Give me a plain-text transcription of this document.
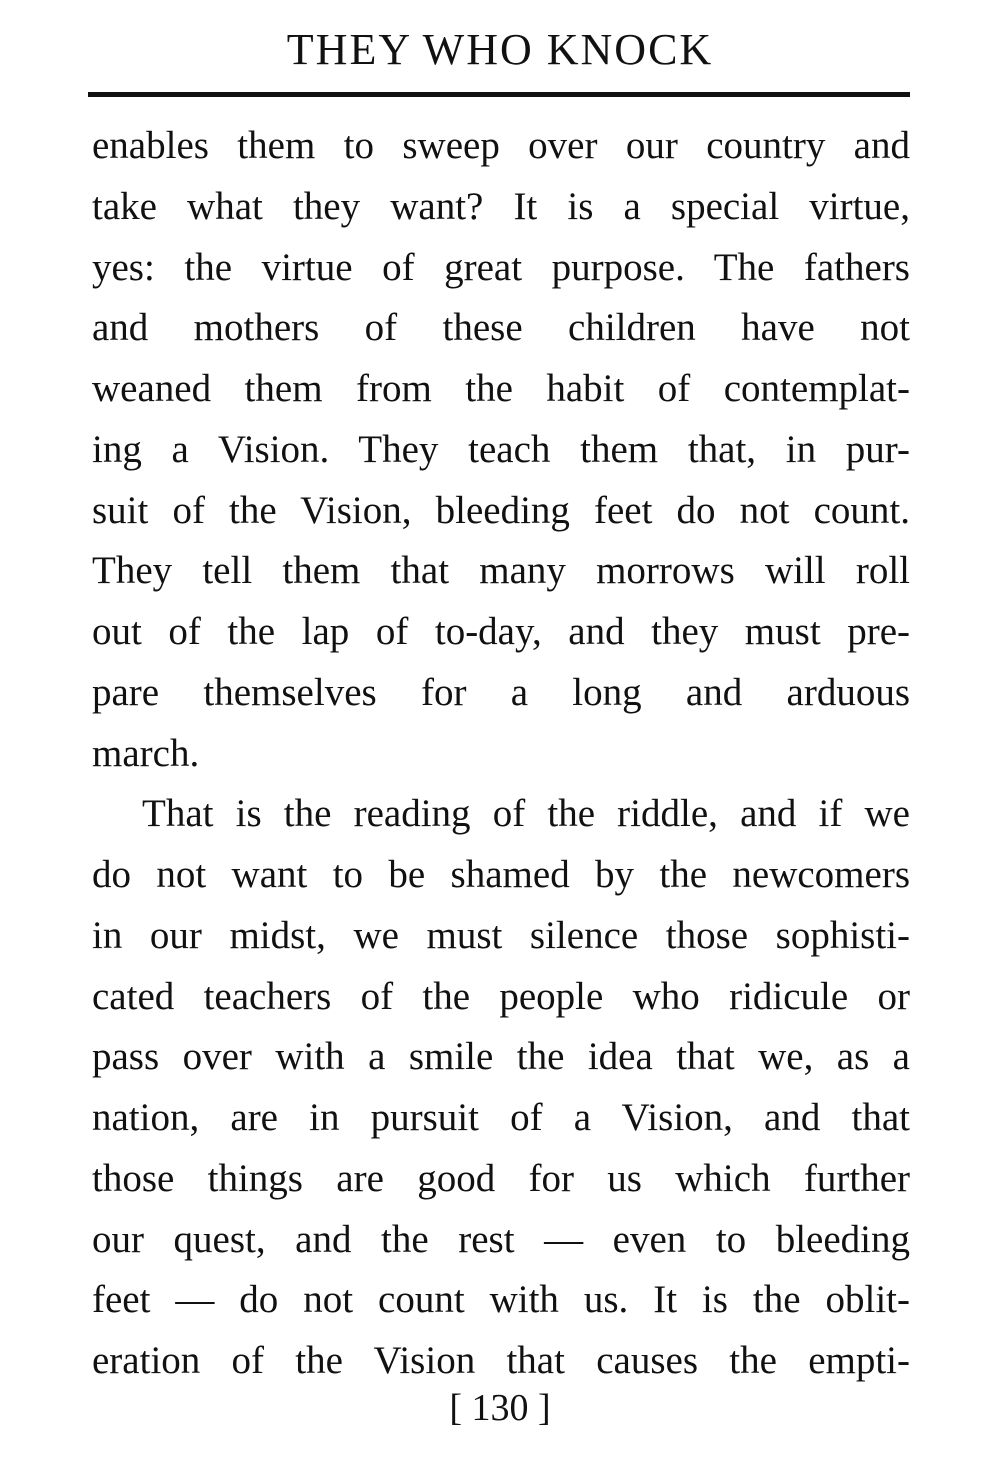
THEY WHO KNOCK
enables them to sweep over our country and
take what they want? It is a special virtue,
yes: the virtue of great purpose. The fathers
and mothers of these children have not
weaned them from the habit of contemplat-
ing a Vision. They teach them that, in pur-
suit of the Vision, bleeding feet do not count.
They tell them that many morrows will roll
out of the lap of to-day, and they must pre-
pare themselves for a long and arduous
march.
That is the reading of the riddle, and if we
do not want to be shamed by the newcomers
in our midst, we must silence those sophisti-
cated teachers of the people who ridicule or
pass over with a smile the idea that we, as a
nation, are in pursuit of a Vision, and that
those things are good for us which further
our quest, and the rest — even to bleeding
feet — do not count with us. It is the oblit-
eration of the Vision that causes the empti-
[ 130 ]
